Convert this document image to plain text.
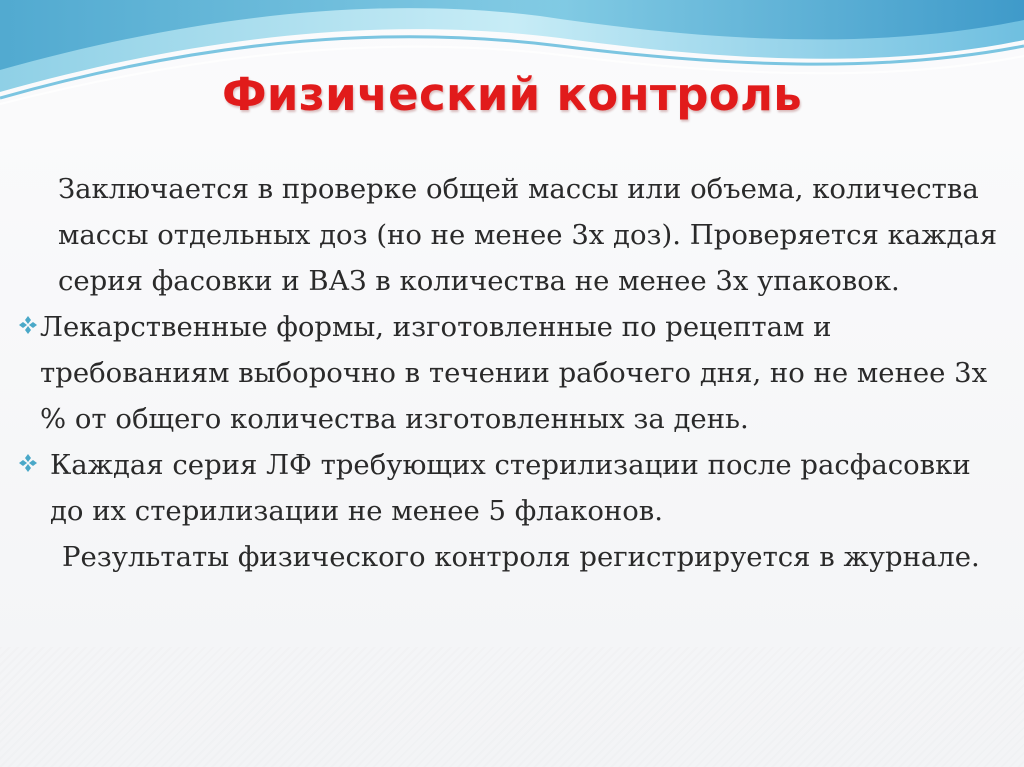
Физический контроль

Заключается в проверке общей массы или объема, количества массы отдельных доз (но не менее 3х доз). Проверяется каждая серия фасовки и ВАЗ в количества не менее 3х упаковок.

Лекарственные формы, изготовленные по рецептам и требованиям выборочно в течении рабочего дня, но не менее 3х % от общего количества изготовленных за день.

Каждая серия ЛФ требующих стерилизации после расфасовки до их стерилизации не менее 5 флаконов.

Результаты физического контроля регистрируется в журнале.
